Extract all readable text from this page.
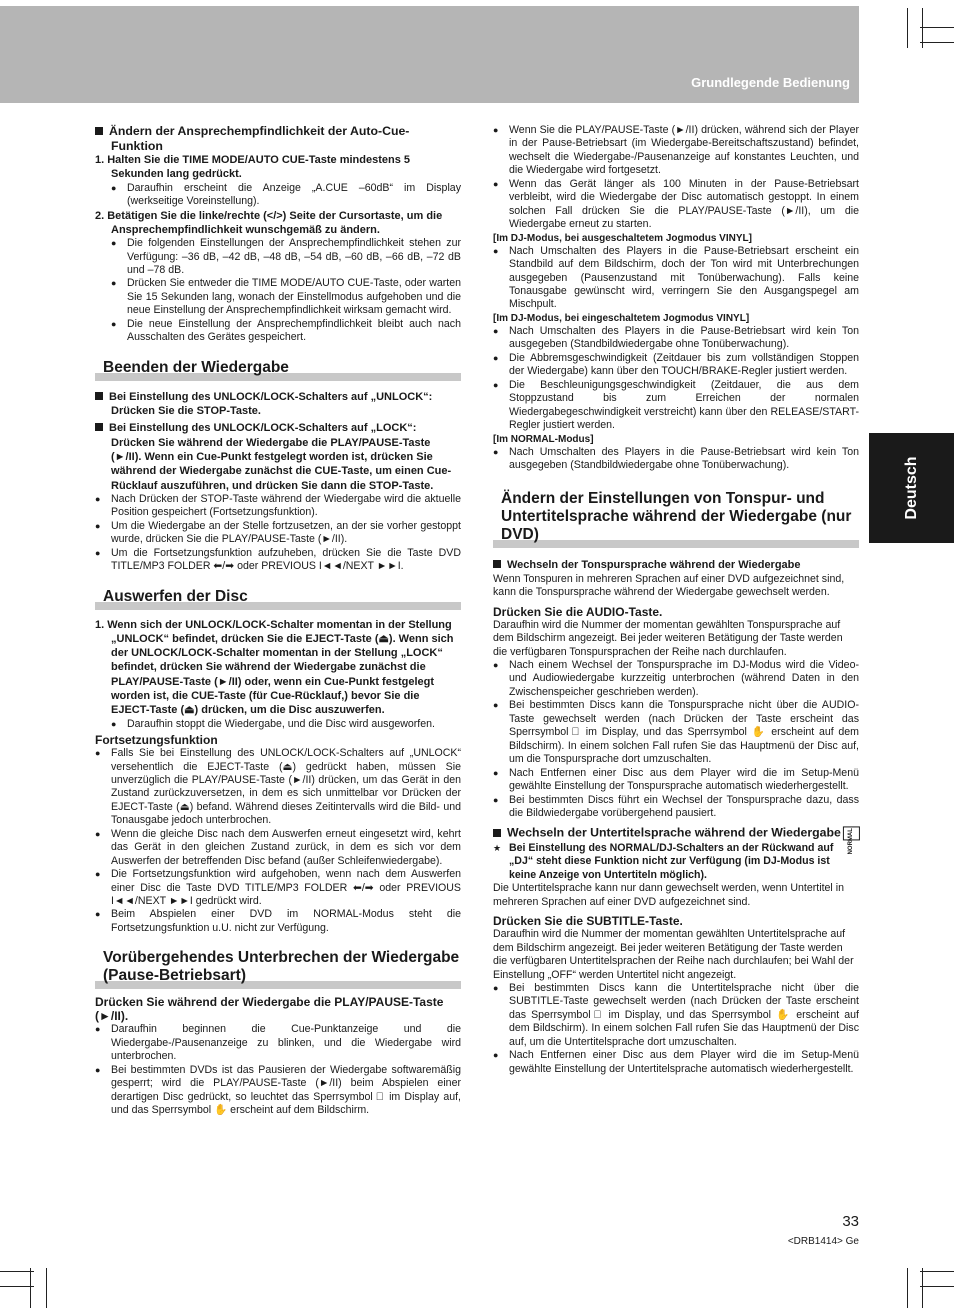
Grundlegende Bedienung
Deutsch

Ändern der Ansprechempfindlichkeit der Auto-Cue-Funktion

1. Halten Sie die TIME MODE/AUTO CUE-Taste mindestens 5 Sekunden lang gedrückt.

● Daraufhin erscheint die Anzeige „A.CUE –60dB“ im Display (werkseitige Voreinstellung).

2. Betätigen Sie die linke/rechte (</>) Seite der Cursortaste, um die Ansprechempfindlichkeit wunschgemäß zu ändern.

● Die folgenden Einstellungen der Ansprechempfindlichkeit stehen zur Verfügung: –36 dB, –42 dB, –48 dB, –54 dB, –60 dB, –66 dB, –72 dB und –78 dB.

● Drücken Sie entweder die TIME MODE/AUTO CUE-Taste, oder warten Sie 15 Sekunden lang, wonach der Einstellmodus aufgehoben und die neue Einstellung der Ansprechempfindlichkeit wirksam gemacht wird.

● Die neue Einstellung der Ansprechempfindlichkeit bleibt auch nach Ausschalten des Gerätes gespeichert.

Beenden der Wiedergabe

Bei Einstellung des UNLOCK/LOCK-Schalters auf „UNLOCK“: Drücken Sie die STOP-Taste.

Bei Einstellung des UNLOCK/LOCK-Schalters auf „LOCK“: Drücken Sie während der Wiedergabe die PLAY/PAUSE-Taste (►/II). Wenn ein Cue-Punkt festgelegt worden ist, drücken Sie während der Wiedergabe zunächst die CUE-Taste, um einen Cue-Rücklauf auszuführen, und drücken Sie dann die STOP-Taste.

● Nach Drücken der STOP-Taste während der Wiedergabe wird die aktuelle Position gespeichert (Fortsetzungsfunktion).

● Um die Wiedergabe an der Stelle fortzusetzen, an der sie vorher gestoppt wurde, drücken Sie die PLAY/PAUSE-Taste (►/II).

● Um die Fortsetzungsfunktion aufzuheben, drücken Sie die Taste DVD TITLE/MP3 FOLDER ⬅/➡ oder PREVIOUS I◄◄/NEXT ►►I.

Auswerfen der Disc

1. Wenn sich der UNLOCK/LOCK-Schalter momentan in der Stellung „UNLOCK“ befindet, drücken Sie die EJECT-Taste (⏏). Wenn sich der UNLOCK/LOCK-Schalter momentan in der Stellung „LOCK“ befindet, drücken Sie während der Wiedergabe zunächst die PLAY/PAUSE-Taste (►/II) oder, wenn ein Cue-Punkt festgelegt worden ist, die CUE-Taste (für Cue-Rücklauf,) bevor Sie die EJECT-Taste (⏏) drücken, um die Disc auszuwerfen.

● Daraufhin stoppt die Wiedergabe, und die Disc wird ausgeworfen.

Fortsetzungsfunktion

● Falls Sie bei Einstellung des UNLOCK/LOCK-Schalters auf „UNLOCK“ versehentlich die EJECT-Taste (⏏) gedrückt haben, müssen Sie unverzüglich die PLAY/PAUSE-Taste (►/II) drücken, um das Gerät in den Zustand zurückzuversetzen, in dem es sich unmittelbar vor Drücken der EJECT-Taste (⏏) befand. Während dieses Zeitintervalls wird die Bild- und Tonausgabe jedoch unterbrochen.

● Wenn die gleiche Disc nach dem Auswerfen erneut eingesetzt wird, kehrt das Gerät in den gleichen Zustand zurück, in dem es sich vor dem Auswerfen der betreffenden Disc befand (außer Schleifenwiedergabe).

● Die Fortsetzungsfunktion wird aufgehoben, wenn nach dem Auswerfen einer Disc die Taste DVD TITLE/MP3 FOLDER ⬅/➡ oder PREVIOUS I◄◄/NEXT ►►I gedrückt wird.

● Beim Abspielen einer DVD im NORMAL-Modus steht die Fortsetzungsfunktion u.U. nicht zur Verfügung.

Vorübergehendes Unterbrechen der Wiedergabe (Pause-Betriebsart)

Drücken Sie während der Wiedergabe die PLAY/PAUSE-Taste (►/II).

● Daraufhin beginnen die Cue-Punktanzeige und die Wiedergabe-/Pausenanzeige zu blinken, und die Wiedergabe wird unterbrochen.

● Bei bestimmten DVDs ist das Pausieren der Wiedergabe softwaremäßig gesperrt; wird die PLAY/PAUSE-Taste (►/II) beim Abspielen einer derartigen Disc gedrückt, so leuchtet das Sperrsymbol ⃠ im Display auf, und das Sperrsymbol ✋ erscheint auf dem Bildschirm.

● Wenn Sie die PLAY/PAUSE-Taste (►/II) drücken, während sich der Player in der Pause-Betriebsart (im Wiedergabe-Bereitschaftszustand) befindet, wechselt die Wiedergabe-/Pausenanzeige auf konstantes Leuchten, und die Wiedergabe wird fortgesetzt.

● Wenn das Gerät länger als 100 Minuten in der Pause-Betriebsart verbleibt, wird die Wiedergabe der Disc automatisch gestoppt. In einem solchen Fall drücken Sie die PLAY/PAUSE-Taste (►/II), um die Wiedergabe erneut zu starten.

[Im DJ-Modus, bei ausgeschaltetem Jogmodus VINYL]

● Nach Umschalten des Players in die Pause-Betriebsart erscheint ein Standbild auf dem Bildschirm, doch der Ton wird mit Unterbrechungen ausgegeben (Pausenzustand mit Tonüberwachung). Falls keine Tonausgabe gewünscht wird, verringern Sie den Ausgangspegel am Mischpult.

[Im DJ-Modus, bei eingeschaltetem Jogmodus VINYL]

● Nach Umschalten des Players in die Pause-Betriebsart wird kein Ton ausgegeben (Standbildwiedergabe ohne Tonüberwachung).

● Die Abbremsgeschwindigkeit (Zeitdauer bis zum vollständigen Stoppen der Wiedergabe) kann über den TOUCH/BRAKE-Regler justiert werden.

● Die Beschleunigungsgeschwindigkeit (Zeitdauer, die aus dem Stoppzustand bis zum Erreichen der normalen Wiedergabegeschwindigkeit verstreicht) kann über den RELEASE/START-Regler justiert werden.

[Im NORMAL-Modus]

● Nach Umschalten des Players in die Pause-Betriebsart wird kein Ton ausgegeben (Standbildwiedergabe ohne Tonüberwachung).

Ändern der Einstellungen von Tonspur- und Untertitelsprache während der Wiedergabe (nur DVD)

Wechseln der Tonspursprache während der Wiedergabe

Wenn Tonspuren in mehreren Sprachen auf einer DVD aufgezeichnet sind, kann die Tonspursprache während der Wiedergabe gewechselt werden.

Drücken Sie die AUDIO-Taste.

Daraufhin wird die Nummer der momentan gewählten Tonspursprache auf dem Bildschirm angezeigt. Bei jeder weiteren Betätigung der Taste werden die verfügbaren Tonspursprachen der Reihe nach durchlaufen.

● Nach einem Wechsel der Tonspursprache im DJ-Modus wird die Video- und Audiowiedergabe kurzzeitig unterbrochen (während Daten in den Zwischenspeicher geschrieben werden).

● Bei bestimmten Discs kann die Tonspursprache nicht über die AUDIO-Taste gewechselt werden (nach Drücken der Taste erscheint das Sperrsymbol ⃠ im Display, und das Sperrsymbol ✋ erscheint auf dem Bildschirm). In einem solchen Fall rufen Sie das Hauptmenü der Disc auf, um die Tonspursprache dort umzuschalten.

● Nach Entfernen einer Disc aus dem Player wird die im Setup-Menü gewählte Einstellung der Tonspursprache automatisch wiederhergestellt.

● Bei bestimmten Discs führt ein Wechsel der Tonspursprache dazu, dass die Bildwiedergabe vorübergehend pausiert.

Wechseln der Untertitelsprache während der Wiedergabe NORMAL

★ Bei Einstellung des NORMAL/DJ-Schalters an der Rückwand auf „DJ“ steht diese Funktion nicht zur Verfügung (im DJ-Modus ist keine Anzeige von Untertiteln möglich).

Die Untertitelsprache kann nur dann gewechselt werden, wenn Untertitel in mehreren Sprachen auf einer DVD aufgezeichnet sind.

Drücken Sie die SUBTITLE-Taste.

Daraufhin wird die Nummer der momentan gewählten Untertitelsprache auf dem Bildschirm angezeigt. Bei jeder weiteren Betätigung der Taste werden die verfügbaren Untertitelsprachen der Reihe nach durchlaufen; bei Wahl der Einstellung „OFF“ werden Untertitel nicht angezeigt.

● Bei bestimmten Discs kann die Untertitelsprache nicht über die SUBTITLE-Taste gewechselt werden (nach Drücken der Taste erscheint das Sperrsymbol ⃠ im Display, und das Sperrsymbol ✋ erscheint auf dem Bildschirm). In einem solchen Fall rufen Sie das Hauptmenü der Disc auf, um die Untertitelsprache dort umzuschalten.

● Nach Entfernen einer Disc aus dem Player wird die im Setup-Menü gewählte Einstellung der Untertitelsprache automatisch wiederhergestellt.

33
<DRB1414> Ge
